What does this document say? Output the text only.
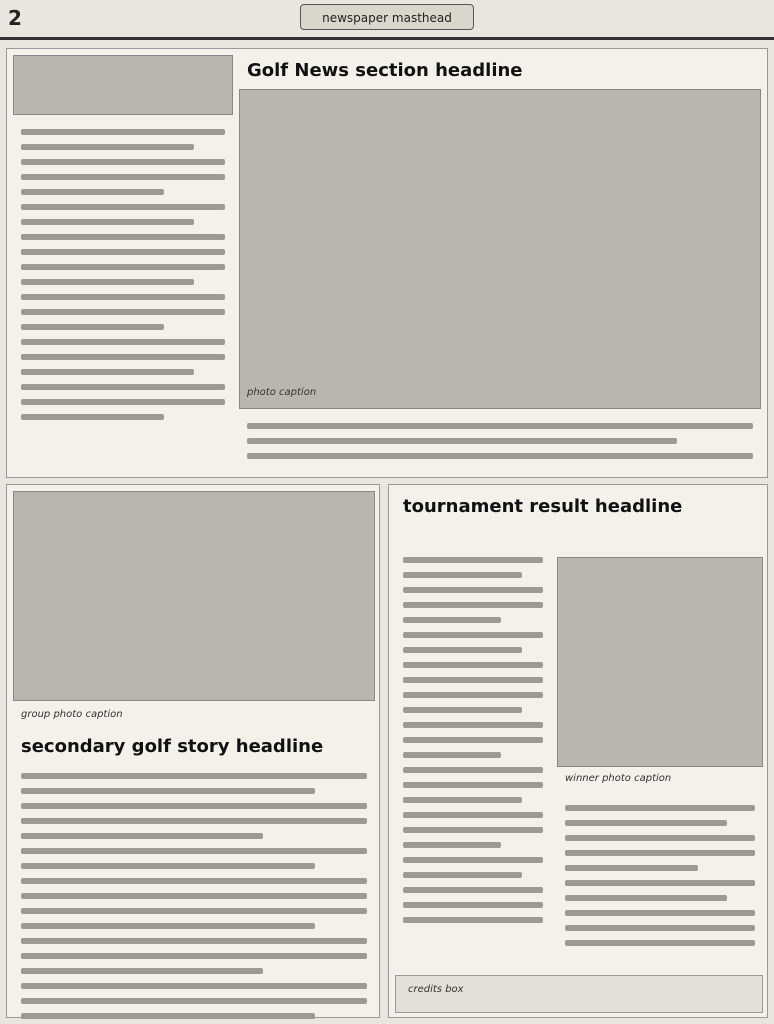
2	newspaper masthead
Golf News section headline
photo caption
group photo caption
secondary golf story headline
tournament result headline
winner photo caption
credits box
